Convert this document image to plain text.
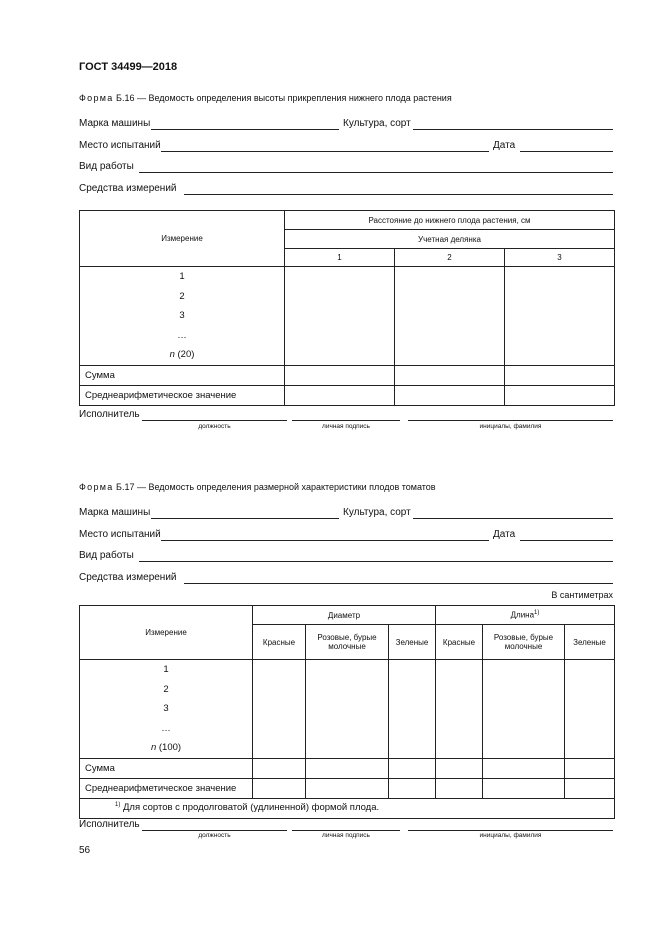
ГОСТ 34499—2018
Форма Б.16 — Ведомость определения высоты прикрепления нижнего плода растения
Марка машины	Культура, сорт
Место испытаний	Дата
Вид работы
Средства измерений
Измерение	Расстояние до нижнего плода растения, см		
	Учетная делянка		
	1	2	3

1
2
3
…
n (20)			

Сумма			
Среднеарифметическое значение			
Исполнитель
должность	личная подпись	инициалы, фамилия
Форма Б.17 — Ведомость определения размерной характеристики плодов томатов
Марка машины	Культура, сорт
Место испытаний	Дата
Вид работы
Средства измерений
В сантиметрах
Измерение	Диаметр			Длина$^{1)}$
	Красные	Розовые, бурые молочные	Зеленые	Красные	Розовые, бурые молочные	Зеленые

1
2
3
…
n (100)						

Сумма						
Среднеарифметическое значение						
$^{1)}$ Для сортов с продолговатой (удлиненной) формой плода.						
Исполнитель
должность	личная подпись	инициалы, фамилия
56
